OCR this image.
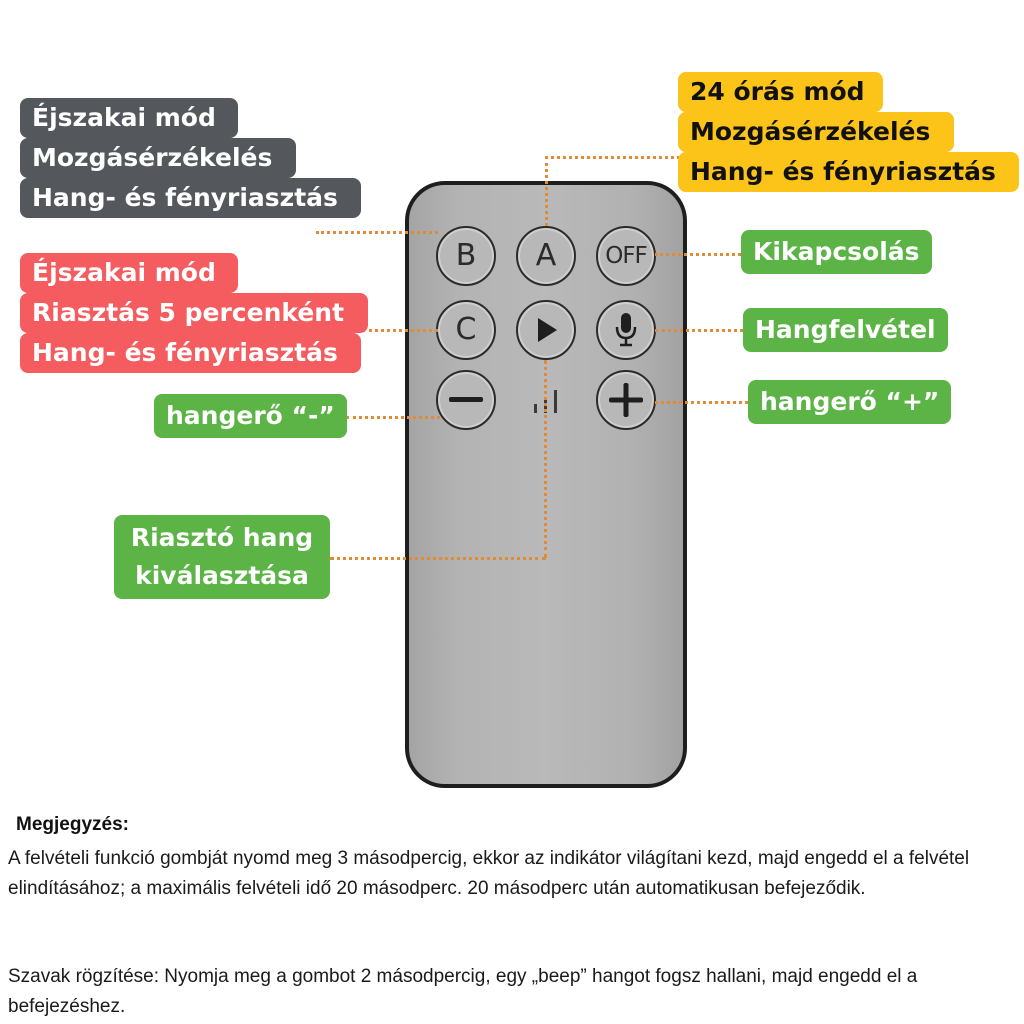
B A OFF
C
Éjszakai mód
Mozgásérzékelés
Hang- és fényriasztás
24 órás mód
Mozgásérzékelés
Hang- és fényriasztás
Éjszakai mód
Riasztás 5 percenként
Hang- és fényriasztás
Kikapcsolás
Hangfelvétel
hangerő “-”	hangerő “+”
Riasztó hang
kiválasztása
Megjegyzés:

A felvételi funkció gombját nyomd meg 3 másodpercig, ekkor az indikátor világítani kezd, majd engedd el a felvétel elindításához; a maximális felvételi idő 20 másodperc. 20 másodperc után automatikusan befejeződik.

Szavak rögzítése: Nyomja meg a gombot 2 másodpercig, egy „beep” hangot fogsz hallani, majd engedd el a befejezéshez.
